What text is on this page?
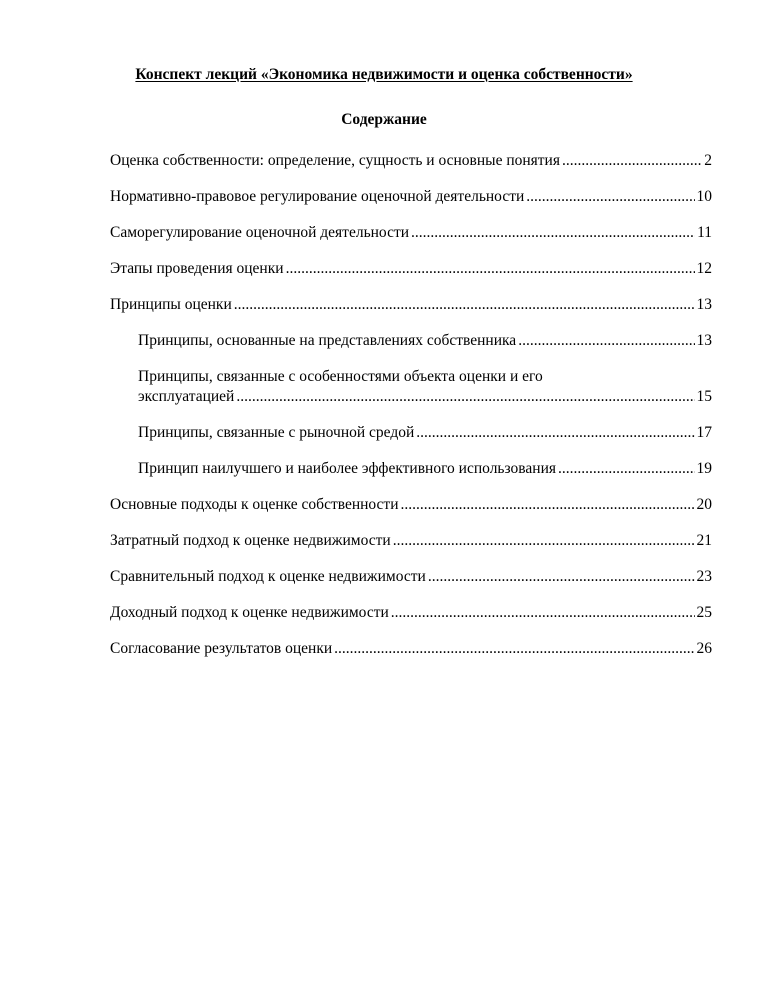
Конспект лекций «Экономика недвижимости и оценка собственности»
Содержание
Оценка собственности: определение, сущность и основные понятия .....	2
Нормативно-правовое регулирование оценочной деятельности .....	10
Саморегулирование оценочной деятельности .....	11
Этапы проведения оценки .....	12
Принципы оценки .....	13
Принципы, основанные на представлениях собственника .....	13
Принципы, связанные с особенностями объекта оценки и его
эксплуатацией .....	15
Принципы, связанные с рыночной средой .....	17
Принцип наилучшего и наиболее эффективного использования .....	19
Основные подходы к оценке собственности .....	20
Затратный подход к оценке недвижимости .....	21
Сравнительный подход к оценке недвижимости .....	23
Доходный подход к оценке недвижимости .....	25
Согласование результатов оценки .....	26
